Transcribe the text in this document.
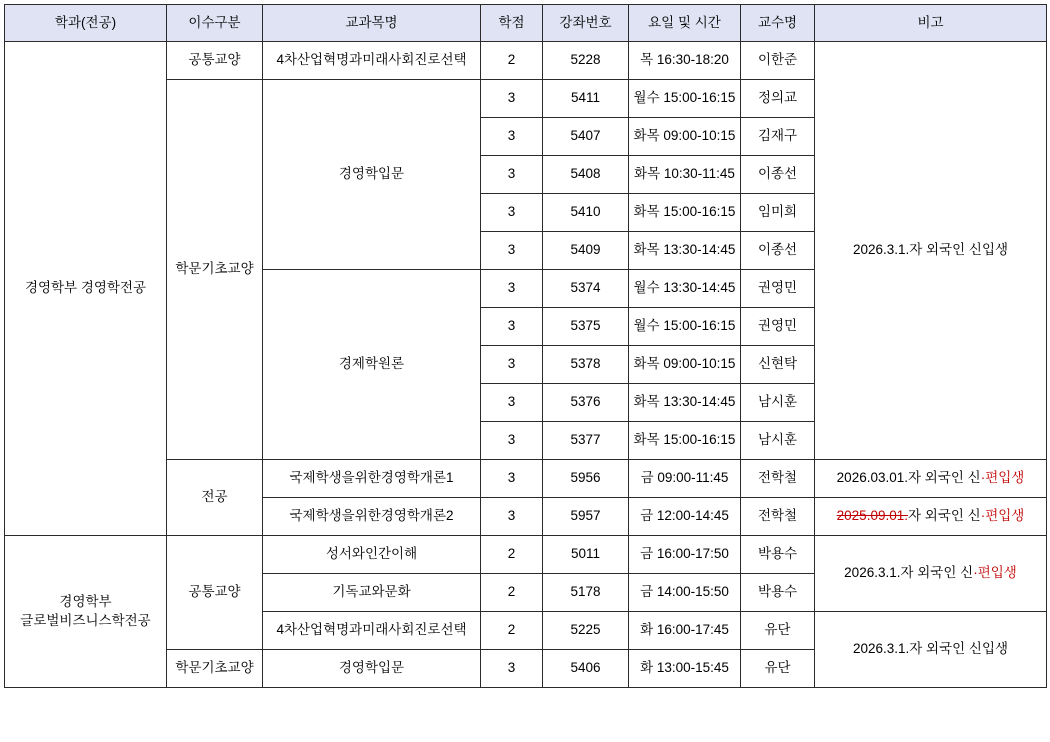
학과(전공)	이수구분	교과목명	학점	강좌번호	요일 및 시간	교수명	비고
경영학부 경영학전공	공통교양	4차산업혁명과미래사회진로선택	2	5228	목 16:30-18:20	이한준	2026.3.1.자 외국인 신입생
	학문기초교양	경영학입문	3	5411	월수 15:00-16:15	정의교	
			3	5407	화목 09:00-10:15	김재구	
			3	5408	화목 10:30-11:45	이종선	
			3	5410	화목 15:00-16:15	임미희	
			3	5409	화목 13:30-14:45	이종선	
		경제학원론	3	5374	월수 13:30-14:45	권영민	
			3	5375	월수 15:00-16:15	권영민	
			3	5378	화목 09:00-10:15	신현탁	
			3	5376	화목 13:30-14:45	남시훈	
			3	5377	화목 15:00-16:15	남시훈	
	전공	국제학생을위한경영학개론1	3	5956	금 09:00-11:45	전학철	2026.03.01.자 외국인 신·편입생
		국제학생을위한경영학개론2	3	5957	금 12:00-14:45	전학철	2025.09.01.자 외국인 신·편입생
경영학부
글로벌비즈니스학전공	공통교양	성서와인간이해	2	5011	금 16:00-17:50	박용수	2026.3.1.자 외국인 신·편입생
		기독교와문화	2	5178	금 14:00-15:50	박용수	
		4차산업혁명과미래사회진로선택	2	5225	화 16:00-17:45	유단	2026.3.1.자 외국인 신입생
	학문기초교양	경영학입문	3	5406	화 13:00-15:45	유단	
